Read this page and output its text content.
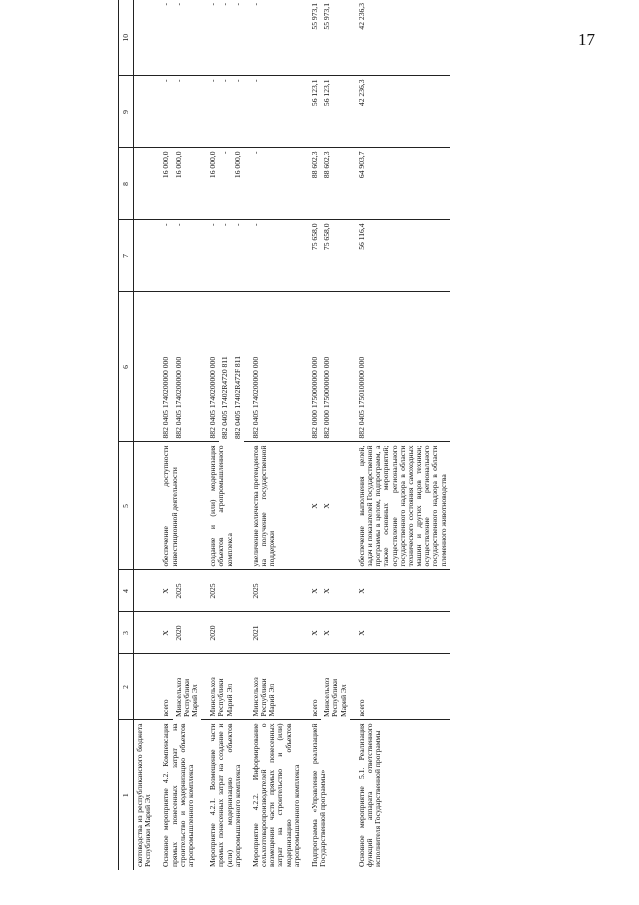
17
1	2	3	4	5	6	7	8	9	10
скотоводства из республиканского бюджета Республики Марий Эл									

Основное мероприятие 4.2. Компенсация прямых понесенных затрат на строительство и модернизацию объектов агропромышленного комплекса	всего	X	X	обеспечение доступности инвестиционной деятельности	882 0405 1740200000 000	-	16 000,0	-	-
	Минсельхоз Республики Марий Эл	2020	2025		882 0405 1740200000 000	-	16 000,0	-	-

Мероприятие 4.2.1. Возмещение части прямых понесенных затрат на создание и (или) модернизацию объектов агропромышленного комплекса	Минсельхоз Республики Марий Эл	2020	2025	создание и (или) модернизация объектов агропромышленного комплекса	882 0405 1740200000 000	-	16 000,0	-	-
					882 0405 17402R4720 811	-	-	-	-
					882 0405 17402R472F 811	-	16 000,0	-	-

Мероприятие 4.2.2. Информирование сельхозтоваропроизводителей о возмещении части прямых понесенных затрат на строительство и (или) модернизацию объектов агропромышленного комплекса	Минсельхоз Республики Марий Эл	2021	2025	увеличение количества претендентов на получение государственной поддержки	882 0405 1740200000 000	-	-	-	-

Подпрограмма «Управление реализацией Государственной программы»	всего	X	X	X	882 0000 1750000000 000	75 658,0	88 602,3	56 123,1	55 973,1
	Минсельхоз Республики Марий Эл	X	X	X	882 0000 1750000000 000	75 658,0	88 602,3	56 123,1	55 973,1

Основное мероприятие 5.1. Реализация функций аппарата ответственного исполнителя Государственной программы	всего	X	X	обеспечение выполнения целей, задач и показателей Государственной программы в целом, подпрограмм, а также основных мероприятий; осуществление регионального государственного надзора в области технического состояния самоходных машин и других видов техники; осуществление регионального государственного надзора в области племенного животноводства	882 0405 1750100000 000	56 116,4	64 903,7	42 236,3	42 236,3
